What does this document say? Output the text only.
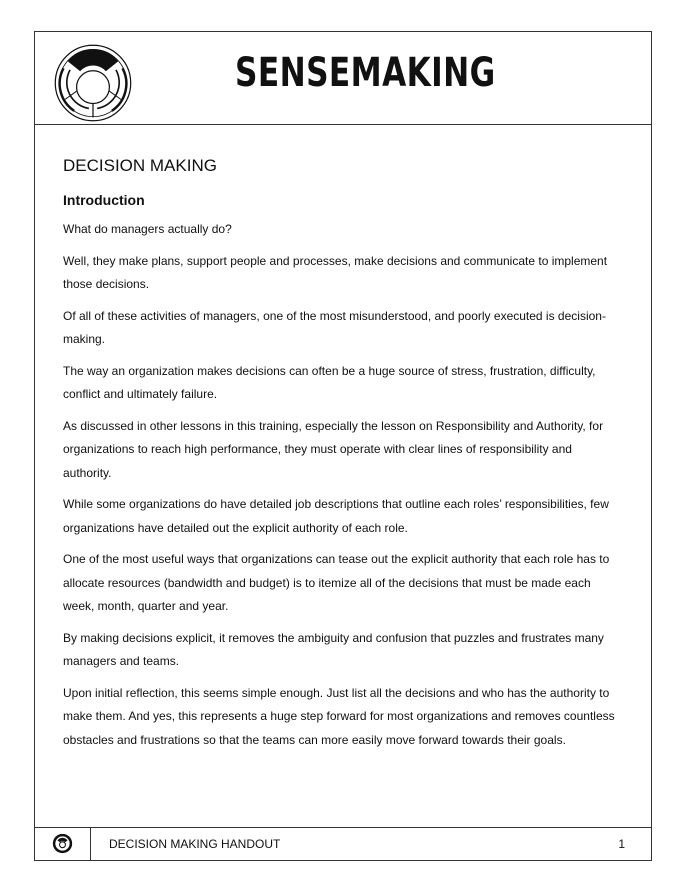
SENSEMAKING
DECISION MAKING
Introduction

What do managers actually do?

Well, they make plans, support people and processes, make decisions and communicate to implement those decisions.

Of all of these activities of managers, one of the most misunderstood, and poorly executed is decision-making.

The way an organization makes decisions can often be a huge source of stress, frustration, difficulty, conflict and ultimately failure.

As discussed in other lessons in this training, especially the lesson on Responsibility and Authority, for organizations to reach high performance, they must operate with clear lines of responsibility and authority.

While some organizations do have detailed job descriptions that outline each roles’ responsibilities, few organizations have detailed out the explicit authority of each role.

One of the most useful ways that organizations can tease out the explicit authority that each role has to allocate resources (bandwidth and budget) is to itemize all of the decisions that must be made each week, month, quarter and year.

By making decisions explicit, it removes the ambiguity and confusion that puzzles and frustrates many managers and teams.

Upon initial reflection, this seems simple enough. Just list all the decisions and who has the authority to make them. And yes, this represents a huge step forward for most organizations and removes countless obstacles and frustrations so that the teams can more easily move forward towards their goals.

DECISION MAKING HANDOUT	1
